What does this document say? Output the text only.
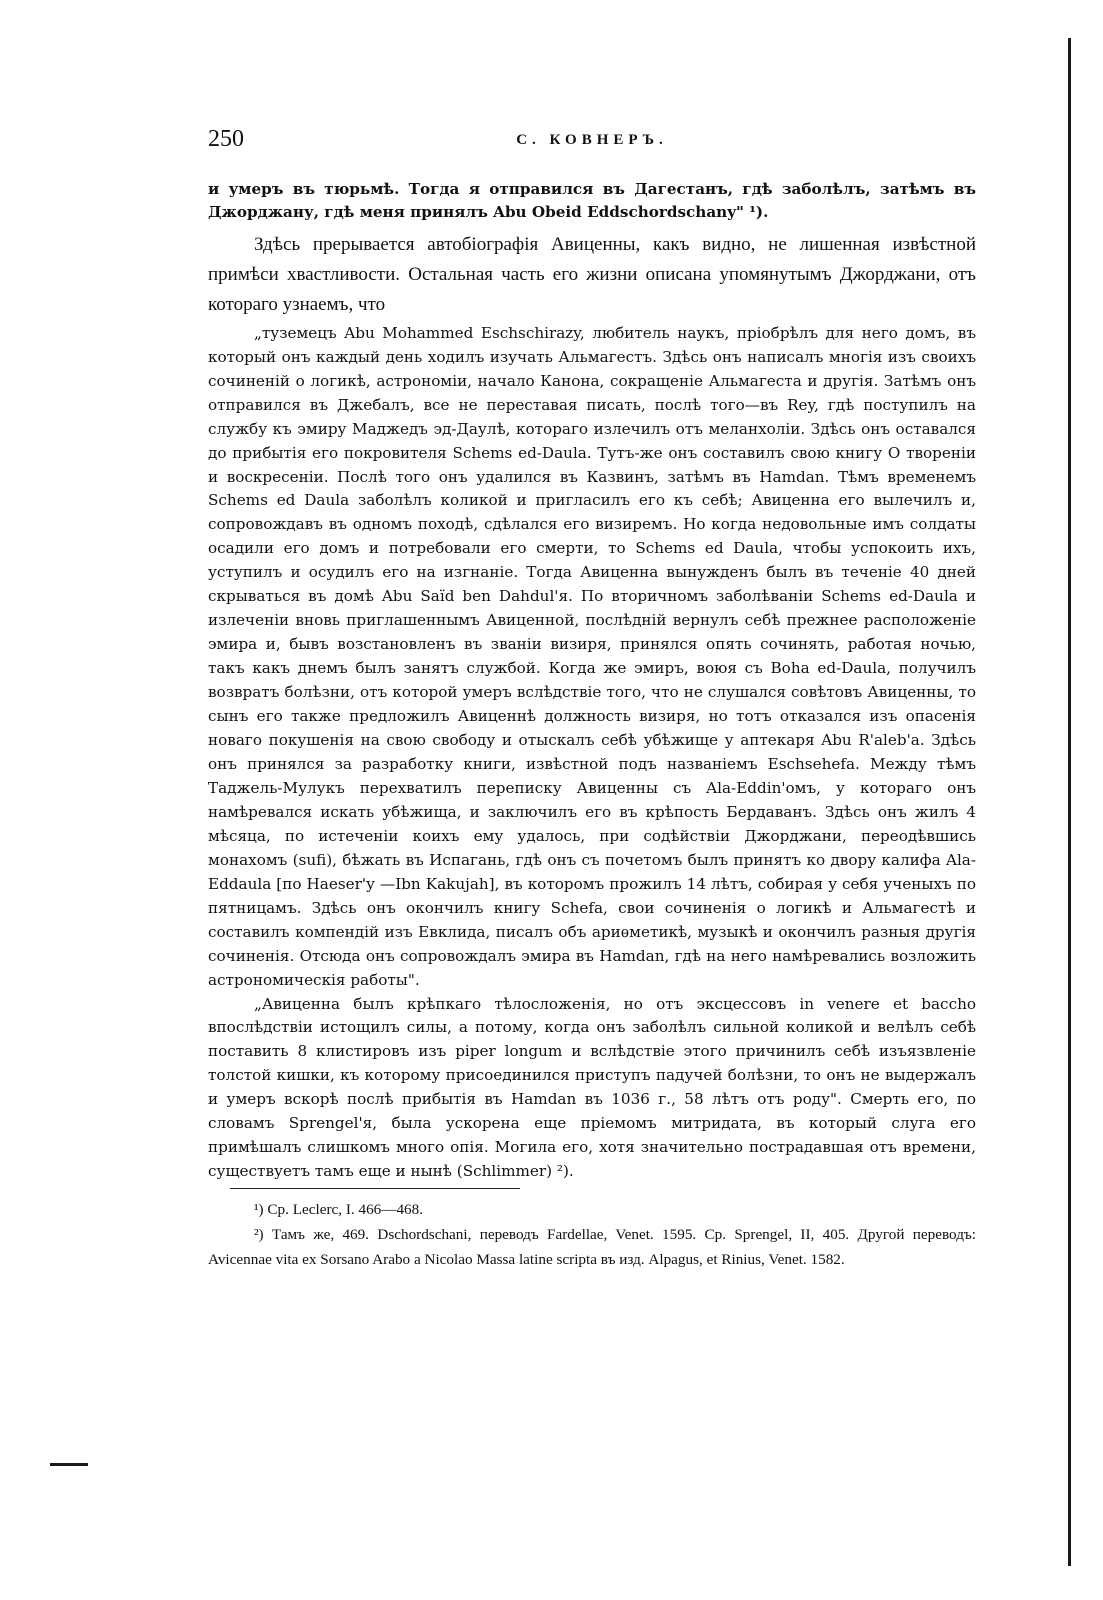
250	С. КОВНЕРЪ.

и умеръ въ тюрьмѣ. Тогда я отправился въ Дагестанъ, гдѣ заболѣлъ, затѣмъ въ Джорджану, гдѣ меня принялъ Abu Obeid Eddschordschany" ¹).

Здѣсь прерывается автобіографія Авиценны, какъ видно, не лишенная извѣстной примѣси хвастливости. Остальная часть его жизни описана упомянутымъ Джорджани, отъ котораго узнаемъ, что

„туземецъ Abu Mohammed Eschschirazy, любитель наукъ, пріобрѣлъ для него домъ, въ который онъ каждый день ходилъ изучать Альмагестъ. Здѣсь онъ написалъ многія изъ своихъ сочиненій о логикѣ, астрономіи, начало Канона, сокращеніе Альмагеста и другія. Затѣмъ онъ отправился въ Джебалъ, все не переставая писать, послѣ того—въ Rey, гдѣ поступилъ на службу къ эмиру Маджедъ эд-Даулѣ, котораго излечилъ отъ меланхоліи. Здѣсь онъ оставался до прибытія его покровителя Schems ed-Daula. Тутъ-же онъ составилъ свою книгу О твореніи и воскресеніи. Послѣ того онъ удалился въ Казвинъ, затѣмъ въ Hamdan. Тѣмъ временемъ Schems ed Daula заболѣлъ коликой и пригласилъ его къ себѣ; Авиценна его вылечилъ и, сопровождавъ въ одномъ походѣ, сдѣлался его визиремъ. Но когда недовольные имъ солдаты осадили его домъ и потребовали его смерти, то Schems ed Daula, чтобы успокоить ихъ, уступилъ и осудилъ его на изгнаніе. Тогда Авиценна вынужденъ былъ въ теченіе 40 дней скрываться въ домѣ Abu Saïd ben Dahdul'я. По вторичномъ заболѣваніи Schems ed-Daula и излеченіи вновь приглашеннымъ Авиценной, послѣдній вернулъ себѣ прежнее расположеніе эмира и, бывъ возстановленъ въ званіи визиря, принялся опять сочинять, работая ночью, такъ какъ днемъ былъ занятъ службой. Когда же эмиръ, воюя съ Boha ed-Daula, получилъ возвратъ болѣзни, отъ которой умеръ вслѣдствіе того, что не слушался совѣтовъ Авиценны, то сынъ его также предложилъ Авиценнѣ должность визиря, но тотъ отказался изъ опасенія новаго покушенія на свою свободу и отыскалъ себѣ убѣжище у аптекаря Abu R'aleb'a. Здѣсь онъ принялся за разработку книги, извѣстной подъ названіемъ Eschsehefa. Между тѣмъ Таджель-Мулукъ перехватилъ переписку Авиценны съ Ala-Eddin'омъ, у котораго онъ намѣревался искать убѣжища, и заключилъ его въ крѣпость Бердаванъ. Здѣсь онъ жилъ 4 мѣсяца, по истеченіи коихъ ему удалось, при содѣйствіи Джорджани, переодѣвшись монахомъ (sufi), бѣжать въ Испагань, гдѣ онъ съ почетомъ былъ принятъ ко двору калифа Ala-Eddaula [по Haeser'у —Ibn Kakujah], въ которомъ прожилъ 14 лѣтъ, собирая у себя ученыхъ по пятницамъ. Здѣсь онъ окончилъ книгу Schefa, свои сочиненія о логикѣ и Альмагестѣ и составилъ компендій изъ Евклида, писалъ объ ариѳметикѣ, музыкѣ и окончилъ разныя другія сочиненія. Отсюда онъ сопровождалъ эмира въ Hamdan, гдѣ на него намѣревались возложить астрономическія работы".

„Авиценна былъ крѣпкаго тѣлосложенія, но отъ эксцессовъ in venere et baccho впослѣдствіи истощилъ силы, а потому, когда онъ заболѣлъ сильной коликой и велѣлъ себѣ поставить 8 клистировъ изъ piper longum и вслѣдствіе этого причинилъ себѣ изъязвленіе толстой кишки, къ которому присоединился приступъ падучей болѣзни, то онъ не выдержалъ и умеръ вскорѣ послѣ прибытія въ Hamdan въ 1036 г., 58 лѣтъ отъ роду". Смерть его, по словамъ Sprengel'я, была ускорена еще пріемомъ митридата, въ который слуга его примѣшалъ слишкомъ много опія. Могила его, хотя значительно пострадавшая отъ времени, существуетъ тамъ еще и нынѣ (Schlimmer) ²).

¹) Ср. Leclerc, I. 466—468.

²) Тамъ же, 469. Dschordschani, переводъ Fardellae, Venet. 1595. Ср. Sprengel, II, 405. Другой переводъ: Avicennae vita ex Sorsano Arabo a Nicolao Massa latine scripta въ изд. Alpagus, et Rinius, Venet. 1582.
